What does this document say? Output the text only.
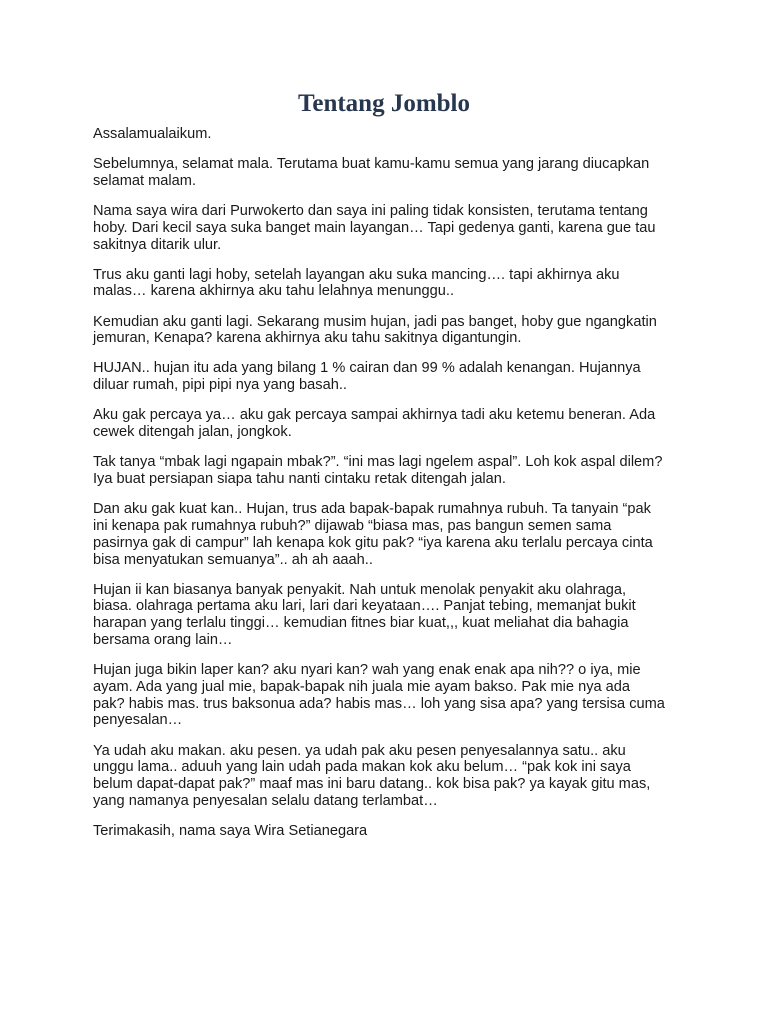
Tentang Jomblo

Assalamualaikum.

Sebelumnya, selamat mala. Terutama buat kamu-kamu semua yang jarang diucapkan
selamat malam.

Nama saya wira dari Purwokerto dan saya ini paling tidak konsisten, terutama tentang
hoby. Dari kecil saya suka banget main layangan… Tapi gedenya ganti, karena gue tau
sakitnya ditarik ulur.

Trus aku ganti lagi hoby, setelah layangan aku suka mancing…. tapi akhirnya aku
malas… karena akhirnya aku tahu lelahnya menunggu..

Kemudian aku ganti lagi. Sekarang musim hujan, jadi pas banget, hoby gue ngangkatin
jemuran, Kenapa? karena akhirnya aku tahu sakitnya digantungin.

HUJAN.. hujan itu ada yang bilang 1 % cairan dan 99 % adalah kenangan. Hujannya
diluar rumah, pipi pipi nya yang basah..

Aku gak percaya ya… aku gak percaya sampai akhirnya tadi aku ketemu beneran. Ada
cewek ditengah jalan, jongkok.

Tak tanya “mbak lagi ngapain mbak?”. “ini mas lagi ngelem aspal”. Loh kok aspal dilem?
Iya buat persiapan siapa tahu nanti cintaku retak ditengah jalan.

Dan aku gak kuat kan.. Hujan, trus ada bapak-bapak rumahnya rubuh. Ta tanyain “pak
ini kenapa pak rumahnya rubuh?” dijawab “biasa mas, pas bangun semen sama
pasirnya gak di campur” lah kenapa kok gitu pak? “iya karena aku terlalu percaya cinta
bisa menyatukan semuanya”.. ah ah aaah..

Hujan ii kan biasanya banyak penyakit. Nah untuk menolak penyakit aku olahraga,
biasa. olahraga pertama aku lari, lari dari keyataan…. Panjat tebing, memanjat bukit
harapan yang terlalu tinggi… kemudian fitnes biar kuat,,, kuat meliahat dia bahagia
bersama orang lain…

Hujan juga bikin laper kan? aku nyari kan? wah yang enak enak apa nih?? o iya, mie
ayam. Ada yang jual mie, bapak-bapak nih juala mie ayam bakso. Pak mie nya ada
pak? habis mas. trus baksonua ada? habis mas… loh yang sisa apa? yang tersisa cuma
penyesalan…

Ya udah aku makan. aku pesen. ya udah pak aku pesen penyesalannya satu.. aku
unggu lama.. aduuh yang lain udah pada makan kok aku belum… “pak kok ini saya
belum dapat-dapat pak?” maaf mas ini baru datang.. kok bisa pak? ya kayak gitu mas,
yang namanya penyesalan selalu datang terlambat…

Terimakasih, nama saya Wira Setianegara
